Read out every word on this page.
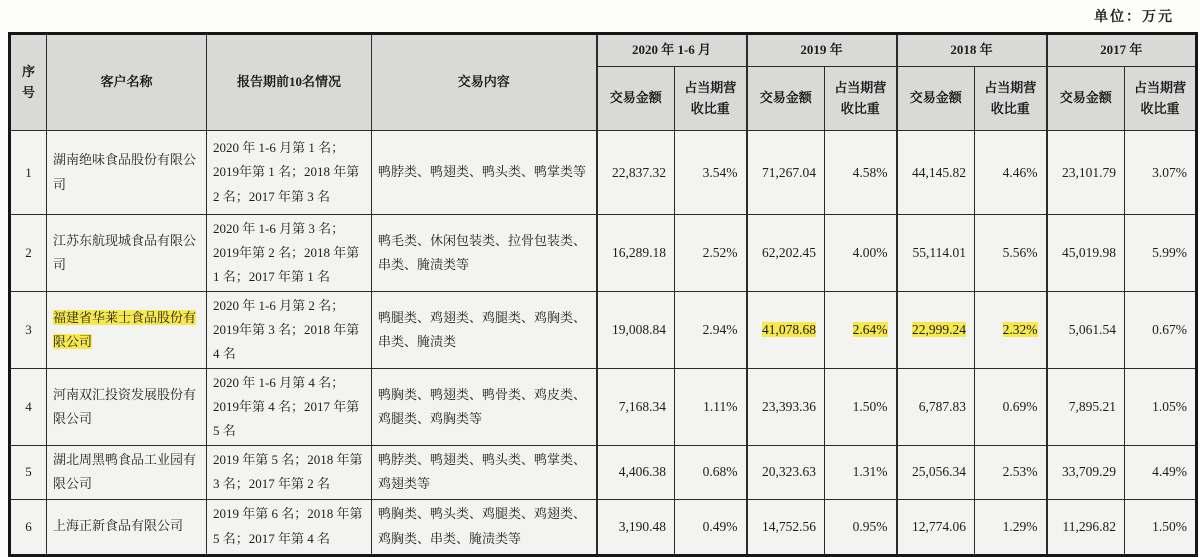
单位：万元
序号	客户名称	报告期前10名情况	交易内容	2020 年 1-6 月		2019 年		2018 年		2017 年	
				交易金额	占当期营收比重	交易金额	占当期营收比重	交易金额	占当期营收比重	交易金额	占当期营收比重
1	湖南绝味食品股份有限公司	2020 年 1-6 月第 1 名；2019年第 1 名；2018 年第 2 名；2017 年第 3 名	鸭脖类、鸭翅类、鸭头类、鸭掌类等	22,837.32	3.54%	71,267.04	4.58%	44,145.82	4.46%	23,101.79	3.07%
2	江苏东航现城食品有限公司	2020 年 1-6 月第 3 名；2019年第 2 名；2018 年第 1 名；2017 年第 1 名	鸭毛类、休闲包装类、拉骨包装类、串类、腌渍类等	16,289.18	2.52%	62,202.45	4.00%	55,114.01	5.56%	45,019.98	5.99%
3	福建省华莱士食品股份有限公司	2020 年 1-6 月第 2 名；2019年第 3 名；2018 年第 4 名	鸭腿类、鸡翅类、鸡腿类、鸡胸类、串类、腌渍类	19,008.84	2.94%	41,078.68	2.64%	22,999.24	2.32%	5,061.54	0.67%
4	河南双汇投资发展股份有限公司	2020 年 1-6 月第 4 名；2019年第 4 名；2017 年第 5 名	鸭胸类、鸭翅类、鸭骨类、鸡皮类、鸡腿类、鸡胸类等	7,168.34	1.11%	23,393.36	1.50%	6,787.83	0.69%	7,895.21	1.05%
5	湖北周黑鸭食品工业园有限公司	2019 年第 5 名；2018 年第 3 名；2017 年第 2 名	鸭脖类、鸭翅类、鸭头类、鸭掌类、鸡翅类等	4,406.38	0.68%	20,323.63	1.31%	25,056.34	2.53%	33,709.29	4.49%
6	上海正新食品有限公司	2019 年第 6 名；2018 年第 5 名；2017 年第 4 名	鸭胸类、鸭头类、鸡腿类、鸡翅类、鸡胸类、串类、腌渍类等	3,190.48	0.49%	14,752.56	0.95%	12,774.06	1.29%	11,296.82	1.50%
